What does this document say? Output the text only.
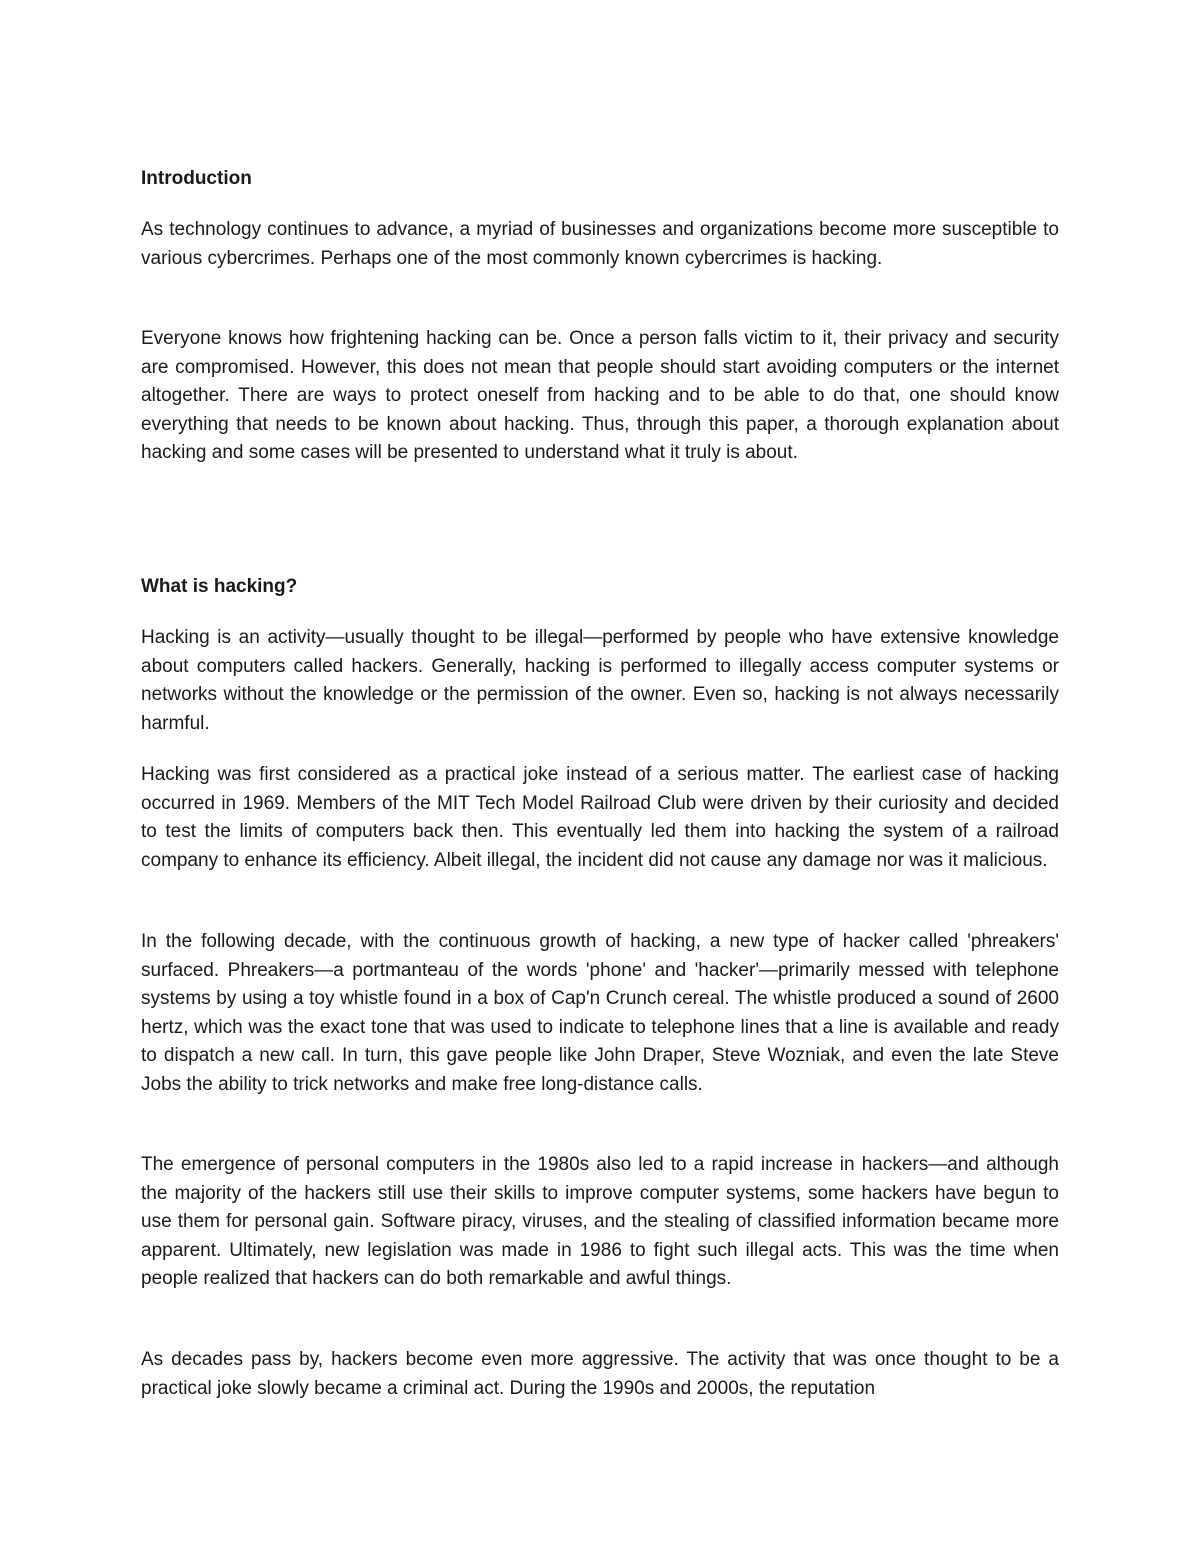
Introduction

As technology continues to advance, a myriad of businesses and organizations become more susceptible to various cybercrimes. Perhaps one of the most commonly known cybercrimes is hacking.

Everyone knows how frightening hacking can be. Once a person falls victim to it, their privacy and security are compromised. However, this does not mean that people should start avoiding computers or the internet altogether. There are ways to protect oneself from hacking and to be able to do that, one should know everything that needs to be known about hacking. Thus, through this paper, a thorough explanation about hacking and some cases will be presented to understand what it truly is about.

What is hacking?

Hacking is an activity—usually thought to be illegal—performed by people who have extensive knowledge about computers called hackers. Generally, hacking is performed to illegally access computer systems or networks without the knowledge or the permission of the owner. Even so, hacking is not always necessarily harmful.

Hacking was first considered as a practical joke instead of a serious matter. The earliest case of hacking occurred in 1969. Members of the MIT Tech Model Railroad Club were driven by their curiosity and decided to test the limits of computers back then. This eventually led them into hacking the system of a railroad company to enhance its efficiency. Albeit illegal, the incident did not cause any damage nor was it malicious.

In the following decade, with the continuous growth of hacking, a new type of hacker called 'phreakers' surfaced. Phreakers—a portmanteau of the words 'phone' and 'hacker'—primarily messed with telephone systems by using a toy whistle found in a box of Cap'n Crunch cereal. The whistle produced a sound of 2600 hertz, which was the exact tone that was used to indicate to telephone lines that a line is available and ready to dispatch a new call. In turn, this gave people like John Draper, Steve Wozniak, and even the late Steve Jobs the ability to trick networks and make free long-distance calls.

The emergence of personal computers in the 1980s also led to a rapid increase in hackers—and although the majority of the hackers still use their skills to improve computer systems, some hackers have begun to use them for personal gain. Software piracy, viruses, and the stealing of classified information became more apparent. Ultimately, new legislation was made in 1986 to fight such illegal acts. This was the time when people realized that hackers can do both remarkable and awful things.

As decades pass by, hackers become even more aggressive. The activity that was once thought to be a practical joke slowly became a criminal act. During the 1990s and 2000s, the reputation
